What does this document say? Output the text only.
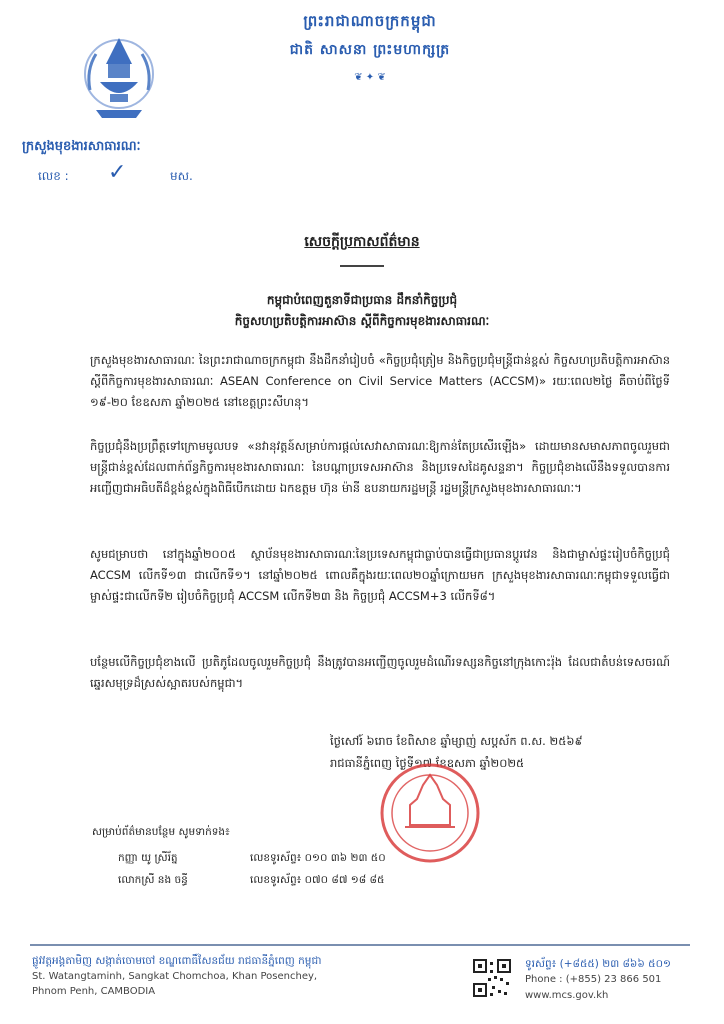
ព្រះរាជាណាចក្រកម្ពុជា
ជាតិ សាសនា ព្រះមហាក្សត្រ
❦ ✦ ❦
ក្រសួងមុខងារសាធារណៈ
លេខ : ✓	មស.
សេចក្តីប្រកាសព័ត៌មាន
កម្ពុជាបំពេញតួនាទីជាប្រធាន ដឹកនាំកិច្ចប្រជុំ
កិច្ចសហប្រតិបត្តិការអាស៊ាន ស្តីពីកិច្ចការមុខងារសាធារណៈ
ក្រសួងមុខងារសាធារណៈ នៃព្រះរាជាណាចក្រកម្ពុជា នឹងដឹកនាំរៀបចំ «កិច្ចប្រជុំត្រៀម និងកិច្ចប្រជុំមន្ត្រីជាន់ខ្ពស់ កិច្ចសហប្រតិបត្តិការអាស៊ាន ស្តីពីកិច្ចការមុខងារសាធារណៈ ASEAN Conference on Civil Service Matters (ACCSM)» រយៈពេល២ថ្ងៃ គឺចាប់ពីថ្ងៃទី ១៩-២០ ខែឧសភា ឆ្នាំ២០២៥ នៅខេត្តព្រះសីហនុ។
កិច្ចប្រជុំនឹងប្រព្រឹត្តទៅក្រោមមូលបទ «នវានុវត្តន៍សម្រាប់ការផ្តល់សេវាសាធារណៈឱ្យកាន់តែប្រសើរឡើង» ដោយមានសមាសភាពចូលរួមជាមន្ត្រីជាន់ខ្ពស់ដែលពាក់ព័ន្ធកិច្ចការមុខងារសាធារណៈ នៃបណ្តាប្រទេសអាស៊ាន និងប្រទេសដៃគូសន្ទនា។ កិច្ចប្រជុំខាងលើនឹងទទួលបានការអញ្ជើញជាអធិបតីដ៏ខ្ពង់ខ្ពស់ក្នុងពិធីបើកដោយ ឯកឧត្តម ហ៊ុន ម៉ានី ឧបនាយករដ្ឋមន្ត្រី រដ្ឋមន្ត្រីក្រសួងមុខងារសាធារណៈ។
សូមជម្រាបថា នៅក្នុងឆ្នាំ២០០៥ ស្ថាប័នមុខងារសាធារណៈនៃប្រទេសកម្ពុជាធ្លាប់បានធ្វើជាប្រធានប្តូរវេន និងជាម្ចាស់ផ្ទះរៀបចំកិច្ចប្រជុំ ACCSM លើកទី១៣ ជាលើកទី១។ នៅឆ្នាំ២០២៥ ពោលគឺក្នុងរយៈពេល២០ឆ្នាំក្រោយមក ក្រសួងមុខងារសាធារណៈកម្ពុជាទទួលធ្វើជាម្ចាស់ផ្ទះជាលើកទី២ រៀបចំកិច្ចប្រជុំ ACCSM លើកទី២៣ និង កិច្ចប្រជុំ ACCSM+3 លើកទី៨។
បន្ថែមលើកិច្ចប្រជុំខាងលើ ប្រតិភូដែលចូលរួមកិច្ចប្រជុំ នឹងត្រូវបានអញ្ជើញចូលរួមដំណើរទស្សនកិច្ចនៅក្រុងកោះរ៉ុង ដែលជាតំបន់ទេសចរណ៍ឆ្នេរសមុទ្រដ៏ស្រស់ស្អាតរបស់កម្ពុជា។
ថ្ងៃសៅរ៍ ៦រោច ខែពិសាខ ឆ្នាំម្សាញ់ សប្តស័ក ព.ស. ២៥៦៩
រាជធានីភ្នំពេញ ថ្ងៃទី១៧ ខែឧសភា ឆ្នាំ២០២៥
សម្រាប់ព័ត៌មានបន្ថែម សូមទាក់ទង៖
កញ្ញា យូ ស្រីរ័ត្ន	លេខទូរស័ព្ទ៖ ០១០ ៣៦ ២៣ ៥០
លោកស្រី នង ចន្ធី	លេខទូរស័ព្ទ៖ ០៧០ ៨៧ ១៨ ៨៥
ផ្លូវវត្តអង្គតាមិញ សង្កាត់ចោមចៅ ខណ្ឌពោធិ៍សែនជ័យ រាជធានីភ្នំពេញ កម្ពុជា
St. Watangtaminh, Sangkat Chomchoa, Khan Posenchey,
Phnom Penh, CAMBODIA
ទូរស័ព្ទ៖ (+៨៥៥) ២៣ ៨៦៦ ៥០១
Phone : (+855) 23 866 501
www.mcs.gov.kh
